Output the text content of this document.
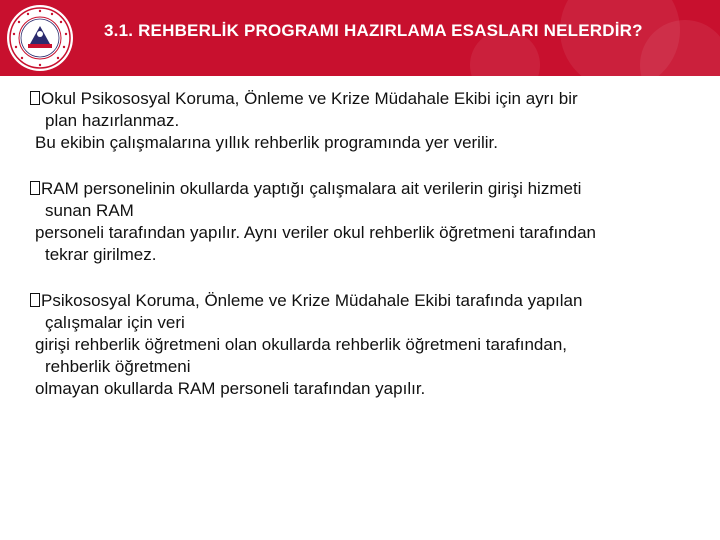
3.1. REHBERLİK PROGRAMI HAZIRLAMA ESASLARI NELERDİR?
Okul Psikososyal Koruma, Önleme ve Krize Müdahale Ekibi için ayrı bir
plan hazırlanmaz.
Bu ekibin çalışmalarına yıllık rehberlik programında yer verilir.
RAM personelinin okullarda yaptığı çalışmalara ait verilerin girişi hizmeti
sunan RAM
personeli tarafından yapılır. Aynı veriler okul rehberlik öğretmeni tarafından
tekrar girilmez.
Psikososyal Koruma, Önleme ve Krize Müdahale Ekibi tarafında yapılan
çalışmalar için veri
girişi rehberlik öğretmeni olan okullarda rehberlik öğretmeni tarafından,
rehberlik öğretmeni
olmayan okullarda RAM personeli tarafından yapılır.
